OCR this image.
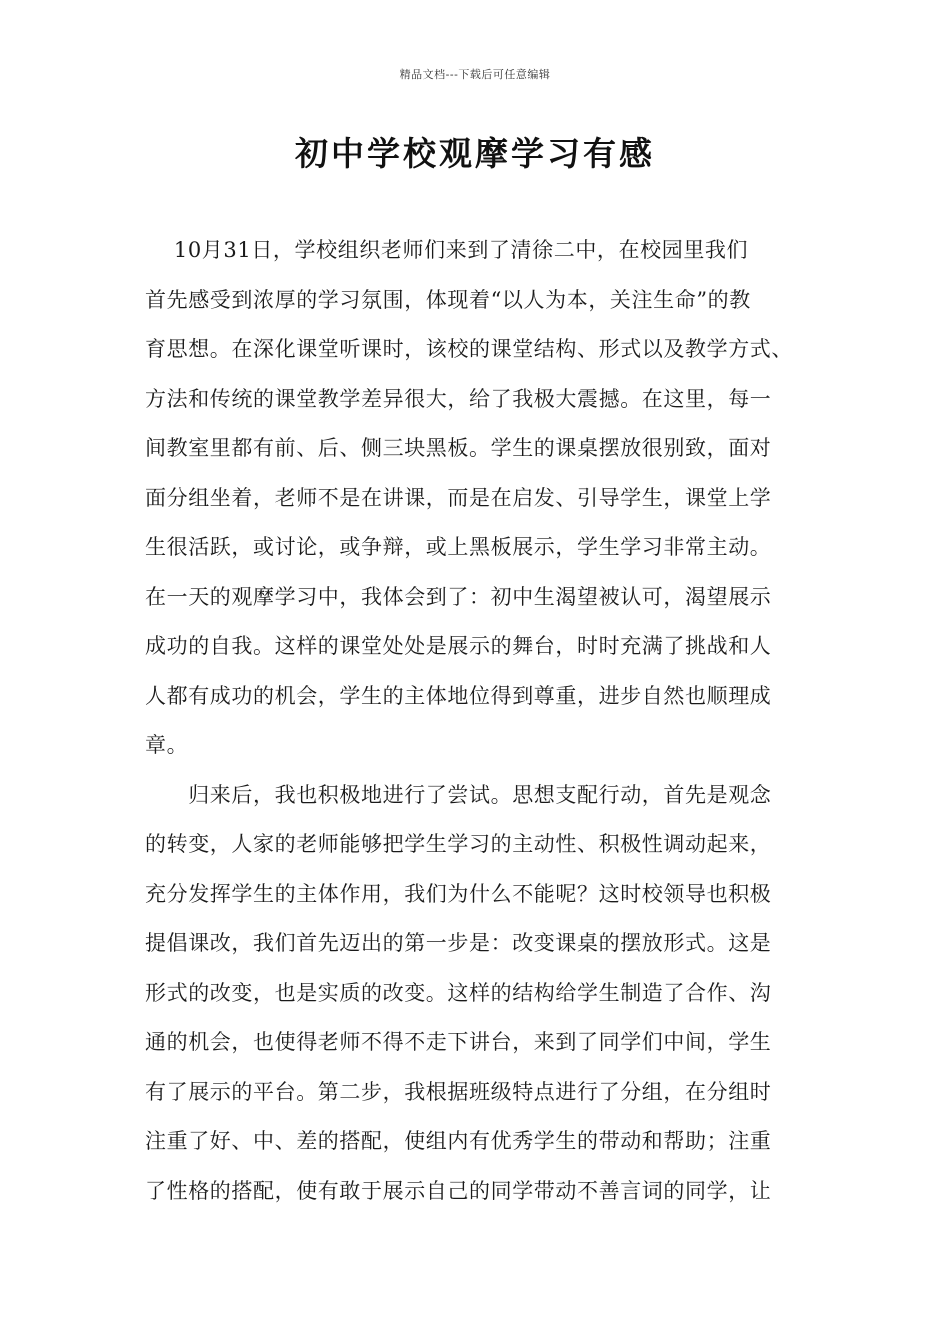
精品文档---下载后可任意编辑
初中学校观摩学习有感
　 10月31日，学校组织老师们来到了清徐二中，在校园里我们
首先感受到浓厚的学习氛围，体现着“以人为本，关注生命”的教
育思想。在深化课堂听课时，该校的课堂结构、形式以及教学方式、
方法和传统的课堂教学差异很大，给了我极大震撼。在这里，每一
间教室里都有前、后、侧三块黑板。学生的课桌摆放很别致，面对
面分组坐着，老师不是在讲课，而是在启发、引导学生，课堂上学
生很活跃，或讨论，或争辩，或上黑板展示，学生学习非常主动。
在一天的观摩学习中，我体会到了：初中生渴望被认可，渴望展示
成功的自我。这样的课堂处处是展示的舞台，时时充满了挑战和人
人都有成功的机会，学生的主体地位得到尊重，进步自然也顺理成
章。
　　归来后，我也积极地进行了尝试。思想支配行动，首先是观念
的转变，人家的老师能够把学生学习的主动性、积极性调动起来，
充分发挥学生的主体作用，我们为什么不能呢？这时校领导也积极
提倡课改，我们首先迈出的第一步是：改变课桌的摆放形式。这是
形式的改变，也是实质的改变。这样的结构给学生制造了合作、沟
通的机会，也使得老师不得不走下讲台，来到了同学们中间，学生
有了展示的平台。第二步，我根据班级特点进行了分组，在分组时
注重了好、中、差的搭配，使组内有优秀学生的带动和帮助；注重
了性格的搭配，使有敢于展示自己的同学带动不善言词的同学，让
